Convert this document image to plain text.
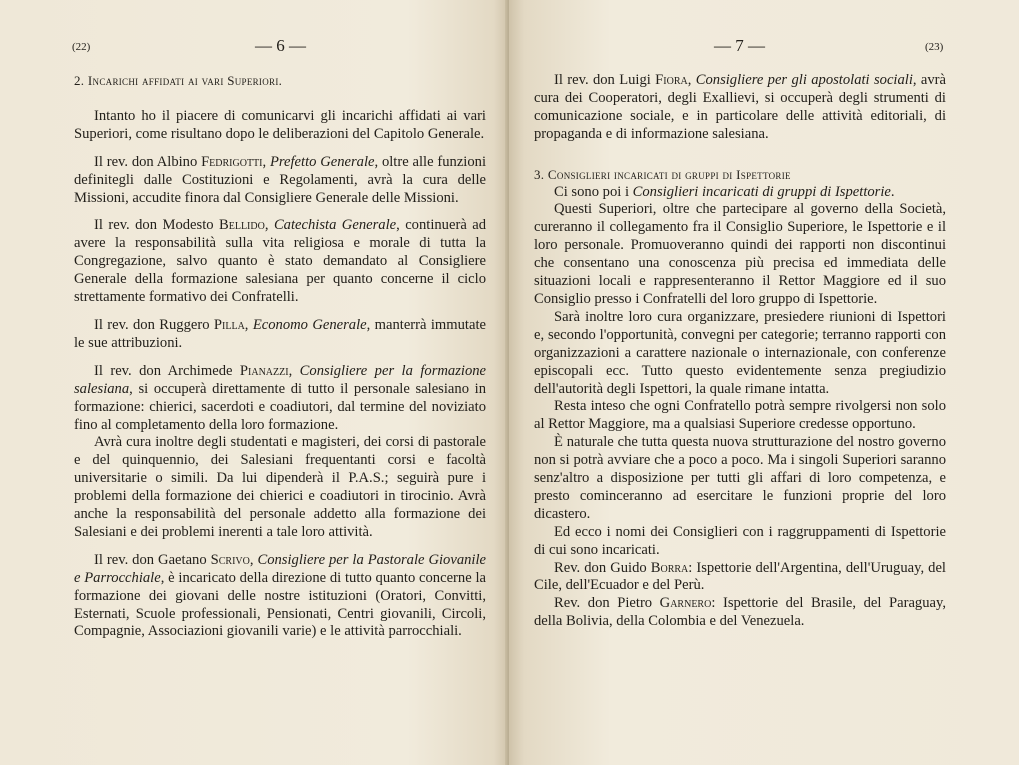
(22)	— 6 —

2. Incarichi affidati ai vari Superiori.

Intanto ho il piacere di comunicarvi gli incarichi affidati ai vari Superiori, come risultano dopo le deliberazioni del Capitolo Generale.

Il rev. don Albino Fedrigotti, Prefetto Generale, oltre alle funzioni definitegli dalle Costituzioni e Regolamenti, avrà la cura delle Missioni, accudite finora dal Consigliere Generale delle Missioni.

Il rev. don Modesto Bellido, Catechista Generale, continuerà ad avere la responsabilità sulla vita religiosa e morale di tutta la Congregazione, salvo quanto è stato demandato al Consigliere Generale della formazione salesiana per quanto concerne il ciclo strettamente formativo dei Confratelli.

Il rev. don Ruggero Pilla, Economo Generale, manterrà immutate le sue attribuzioni.

Il rev. don Archimede Pianazzi, Consigliere per la formazione salesiana, si occuperà direttamente di tutto il personale salesiano in formazione: chierici, sacerdoti e coadiutori, dal termine del noviziato fino al completamento della loro formazione.

Avrà cura inoltre degli studentati e magisteri, dei corsi di pastorale e del quinquennio, dei Salesiani frequentanti corsi e facoltà universitarie o simili. Da lui dipenderà il P.A.S.; seguirà pure i problemi della formazione dei chierici e coadiutori in tirocinio. Avrà anche la responsabilità del personale addetto alla formazione dei Salesiani e dei problemi inerenti a tale loro attività.

Il rev. don Gaetano Scrivo, Consigliere per la Pastorale Giovanile e Parrocchiale, è incaricato della direzione di tutto quanto concerne la formazione dei giovani delle nostre istituzioni (Oratori, Convitti, Esternati, Scuole professionali, Pensionati, Centri giovanili, Circoli, Compagnie, Associazioni giovanili varie) e le attività parrocchiali.

— 7 —	(23)

Il rev. don Luigi Fiora, Consigliere per gli apostolati sociali, avrà cura dei Cooperatori, degli Exallievi, si occuperà degli strumenti di comunicazione sociale, e in particolare delle attività editoriali, di propaganda e di informazione salesiana.

3. Consiglieri incaricati di gruppi di Ispettorie

Ci sono poi i Consiglieri incaricati di gruppi di Ispettorie.

Questi Superiori, oltre che partecipare al governo della Società, cureranno il collegamento fra il Consiglio Superiore, le Ispettorie e il loro personale. Promuoveranno quindi dei rapporti non discontinui che consentano una conoscenza più precisa ed immediata delle situazioni locali e rappresenteranno il Rettor Maggiore ed il suo Consiglio presso i Confratelli del loro gruppo di Ispettorie.

Sarà inoltre loro cura organizzare, presiedere riunioni di Ispettori e, secondo l'opportunità, convegni per categorie; terranno rapporti con organizzazioni a carattere nazionale o internazionale, con conferenze episcopali ecc. Tutto questo evidentemente senza pregiudizio dell'autorità degli Ispettori, la quale rimane intatta.

Resta inteso che ogni Confratello potrà sempre rivolgersi non solo al Rettor Maggiore, ma a qualsiasi Superiore credesse opportuno.

È naturale che tutta questa nuova strutturazione del nostro governo non si potrà avviare che a poco a poco. Ma i singoli Superiori saranno senz'altro a disposizione per tutti gli affari di loro competenza, e presto cominceranno ad esercitare le funzioni proprie del loro dicastero.

Ed ecco i nomi dei Consiglieri con i raggruppamenti di Ispettorie di cui sono incaricati.

Rev. don Guido Borra: Ispettorie dell'Argentina, dell'Uruguay, del Cile, dell'Ecuador e del Perù.

Rev. don Pietro Garnero: Ispettorie del Brasile, del Paraguay, della Bolivia, della Colombia e del Venezuela.
